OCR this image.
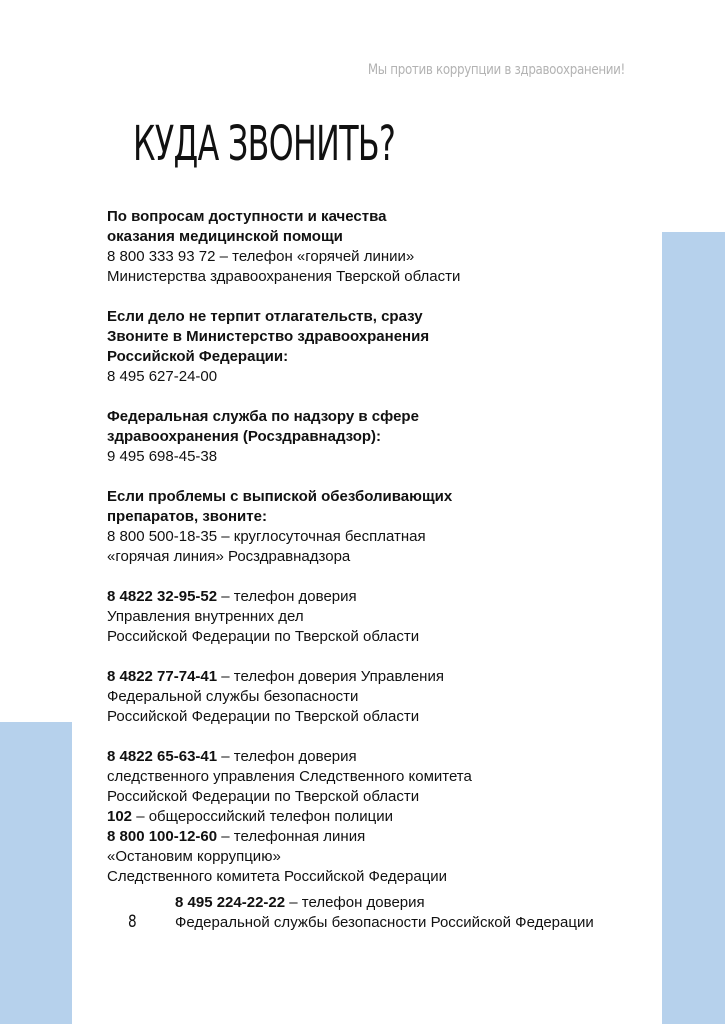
Мы против коррупции в здравоохранении!
КУДА ЗВОНИТЬ?
По вопросам доступности и качества
оказания медицинской помощи
8 800 333 93 72 – телефон «горячей линии»
Министерства здравоохранения Тверской области
Если дело не терпит отлагательств, сразу
Звоните в Министерство здравоохранения
Российской Федерации:
8 495 627-24-00
Федеральная служба по надзору в сфере
здравоохранения (Росздравнадзор):
9 495 698-45-38
Если проблемы с выпиской обезболивающих
препаратов, звоните:
8 800 500-18-35 – круглосуточная бесплатная
«горячая линия» Росздравнадзора
8 4822 32-95-52 – телефон доверия
Управления внутренних дел
Российской Федерации по Тверской области
8 4822 77-74-41 – телефон доверия Управления
Федеральной службы безопасности
Российской Федерации по Тверской области
8 4822 65-63-41 – телефон доверия
следственного управления Следственного комитета
Российской Федерации по Тверской области
102 – общероссийский телефон полиции
8 800 100-12-60 – телефонная линия
«Остановим коррупцию»
Следственного комитета Российской Федерации
8 495 224-22-22 – телефон доверия
Федеральной службы безопасности Российской Федерации
8
